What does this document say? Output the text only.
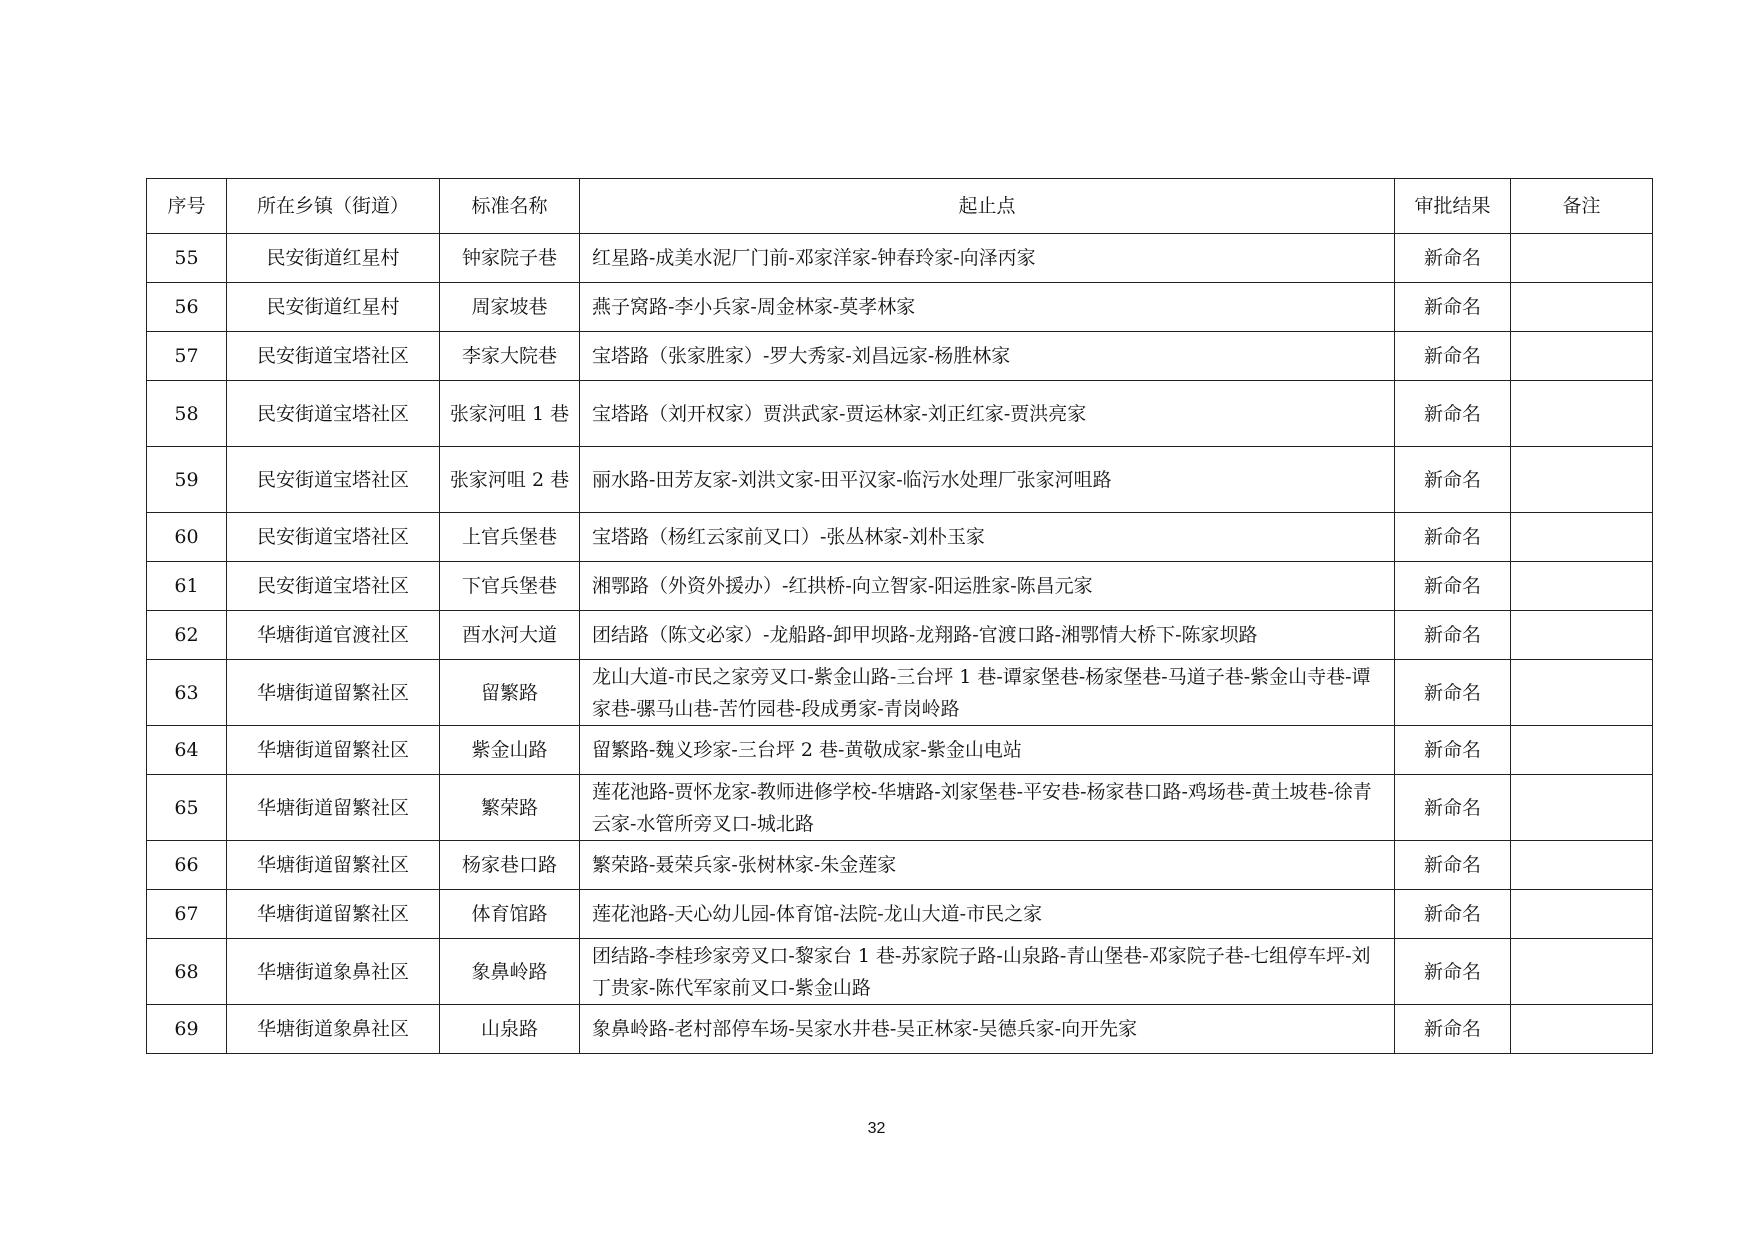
序号	所在乡镇（街道）	标准名称	起止点	审批结果	备注
55	民安街道红星村	钟家院子巷	红星路-成美水泥厂门前-邓家洋家-钟春玲家-向泽丙家	新命名	
56	民安街道红星村	周家坡巷	燕子窝路-李小兵家-周金林家-莫孝林家	新命名	
57	民安街道宝塔社区	李家大院巷	宝塔路（张家胜家）-罗大秀家-刘昌远家-杨胜林家	新命名	
58	民安街道宝塔社区	张家河咀 1 巷	宝塔路（刘开权家）贾洪武家-贾运林家-刘正红家-贾洪亮家	新命名	
59	民安街道宝塔社区	张家河咀 2 巷	丽水路-田芳友家-刘洪文家-田平汉家-临污水处理厂张家河咀路	新命名	
60	民安街道宝塔社区	上官兵堡巷	宝塔路（杨红云家前叉口）-张丛林家-刘朴玉家	新命名	
61	民安街道宝塔社区	下官兵堡巷	湘鄂路（外资外援办）-红拱桥-向立智家-阳运胜家-陈昌元家	新命名	
62	华塘街道官渡社区	酉水河大道	团结路（陈文必家）-龙船路-卸甲坝路-龙翔路-官渡口路-湘鄂情大桥下-陈家坝路	新命名	
63	华塘街道留繁社区	留繁路	龙山大道-市民之家旁叉口-紫金山路-三台坪 1 巷-谭家堡巷-杨家堡巷-马道子巷-紫金山寺巷-谭家巷-骡马山巷-苦竹园巷-段成勇家-青岗岭路	新命名	
64	华塘街道留繁社区	紫金山路	留繁路-魏义珍家-三台坪 2 巷-黄敬成家-紫金山电站	新命名	
65	华塘街道留繁社区	繁荣路	莲花池路-贾怀龙家-教师进修学校-华塘路-刘家堡巷-平安巷-杨家巷口路-鸡场巷-黄土坡巷-徐青云家-水管所旁叉口-城北路	新命名	
66	华塘街道留繁社区	杨家巷口路	繁荣路-聂荣兵家-张树林家-朱金莲家	新命名	
67	华塘街道留繁社区	体育馆路	莲花池路-天心幼儿园-体育馆-法院-龙山大道-市民之家	新命名	
68	华塘街道象鼻社区	象鼻岭路	团结路-李桂珍家旁叉口-黎家台 1 巷-苏家院子路-山泉路-青山堡巷-邓家院子巷-七组停车坪-刘丁贵家-陈代军家前叉口-紫金山路	新命名	
69	华塘街道象鼻社区	山泉路	象鼻岭路-老村部停车场-吴家水井巷-吴正林家-吴德兵家-向开先家	新命名	
32
